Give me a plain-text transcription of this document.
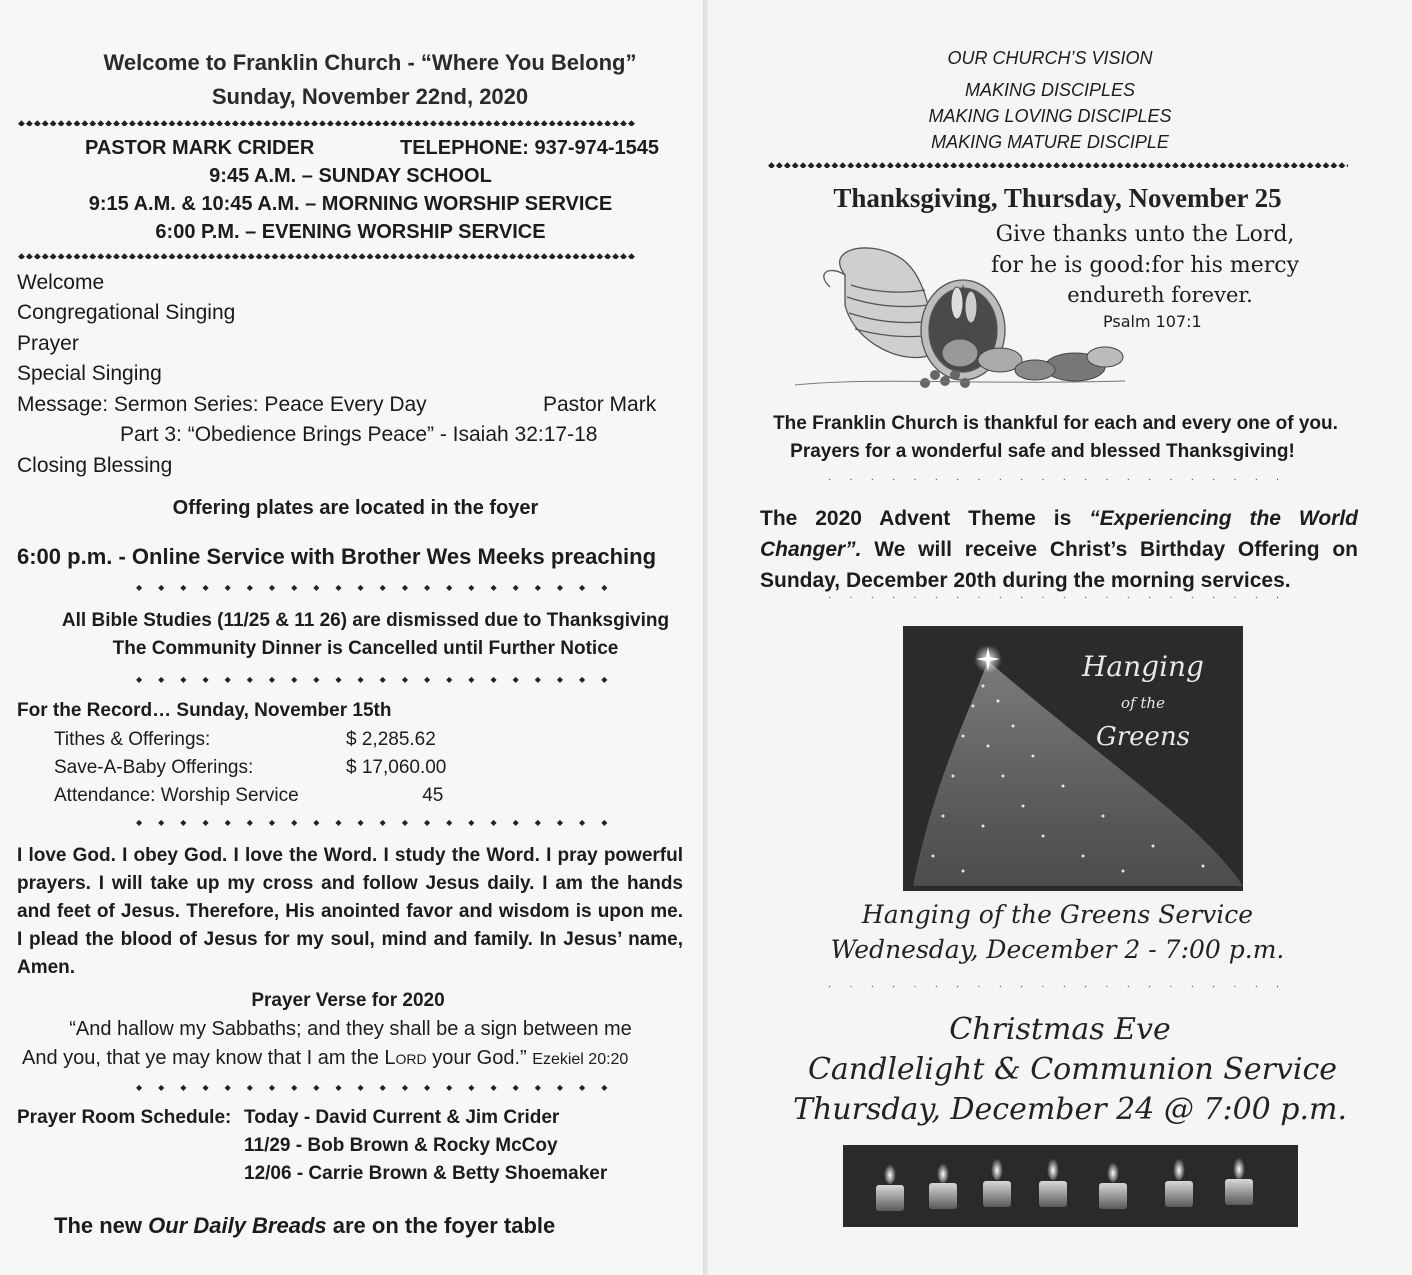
Welcome to Franklin Church - “Where You Belong”
Sunday, November 22nd, 2020
◆◆◆◆◆◆◆◆◆◆◆◆◆◆◆◆◆◆◆◆◆◆◆◆◆◆◆◆◆◆◆◆◆◆◆◆◆◆◆◆◆◆◆◆◆◆◆◆◆◆◆◆◆◆◆◆◆◆◆◆◆◆◆◆◆◆◆◆◆◆◆◆◆◆◆◆◆◆
PASTOR MARK CRIDER	TELEPHONE: 937-974-1545
9:45 A.M. – SUNDAY SCHOOL
9:15 A.M. & 10:45 A.M. – MORNING WORSHIP SERVICE
6:00 P.M. – EVENING WORSHIP SERVICE
◆◆◆◆◆◆◆◆◆◆◆◆◆◆◆◆◆◆◆◆◆◆◆◆◆◆◆◆◆◆◆◆◆◆◆◆◆◆◆◆◆◆◆◆◆◆◆◆◆◆◆◆◆◆◆◆◆◆◆◆◆◆◆◆◆◆◆◆◆◆◆◆◆◆◆◆◆◆
Welcome
Congregational Singing
Prayer
Special Singing
Message: Sermon Series: Peace Every Day	Pastor Mark
Part 3: “Obedience Brings Peace” - Isaiah 32:17-18
Closing Blessing
Offering plates are located in the foyer
6:00 p.m. - Online Service with Brother Wes Meeks preaching
◆◆◆◆◆◆◆◆◆◆◆◆◆◆◆◆◆◆◆◆◆◆
All Bible Studies (11/25 & 11 26) are dismissed due to Thanksgiving
The Community Dinner is Cancelled until Further Notice
◆◆◆◆◆◆◆◆◆◆◆◆◆◆◆◆◆◆◆◆◆◆
For the Record… Sunday, November 15th
Tithes & Offerings:	$ 2,285.62
Save-A-Baby Offerings:	$ 17,060.00
Attendance: Worship Service	45
◆◆◆◆◆◆◆◆◆◆◆◆◆◆◆◆◆◆◆◆◆◆
I love God. I obey God. I love the Word. I study the Word. I pray powerful prayers. I will take up my cross and follow Jesus daily. I am the hands and feet of Jesus. Therefore, His anointed favor and wisdom is upon me. I plead the blood of Jesus for my soul, mind and family. In Jesus’ name, Amen.
Prayer Verse for 2020
“And hallow my Sabbaths; and they shall be a sign between me
And you, that ye may know that I am the Lord your God.” Ezekiel 20:20
◆◆◆◆◆◆◆◆◆◆◆◆◆◆◆◆◆◆◆◆◆◆
Prayer Room Schedule: Today - David Current & Jim Crider
11/29 - Bob Brown & Rocky McCoy
12/06 - Carrie Brown & Betty Shoemaker
The new Our Daily Breads are on the foyer table
OUR CHURCH’S VISION
MAKING DISCIPLES
MAKING LOVING DISCIPLES
MAKING MATURE DISCIPLE
◆◆◆◆◆◆◆◆◆◆◆◆◆◆◆◆◆◆◆◆◆◆◆◆◆◆◆◆◆◆◆◆◆◆◆◆◆◆◆◆◆◆◆◆◆◆◆◆◆◆◆◆◆◆◆◆◆◆◆◆◆◆◆◆◆◆◆◆◆◆◆◆◆◆◆◆◆◆
Thanksgiving, Thursday, November 25
Give thanks unto the Lord,
for he is good:for his mercy
endureth forever.
Psalm 107:1
The Franklin Church is thankful for each and every one of you.
Prayers for a wonderful safe and blessed Thanksgiving!
·····
The 2020 Advent Theme is “Experiencing the World Changer”. We will receive Christ’s Birthday Offering on Sunday, December 20th during the morning services.
·····
Hanging
of the
Greens
Hanging of the Greens Service
Wednesday, December 2 - 7:00 p.m.
·····
Christmas Eve
Candlelight & Communion Service
Thursday, December 24 @ 7:00 p.m.
